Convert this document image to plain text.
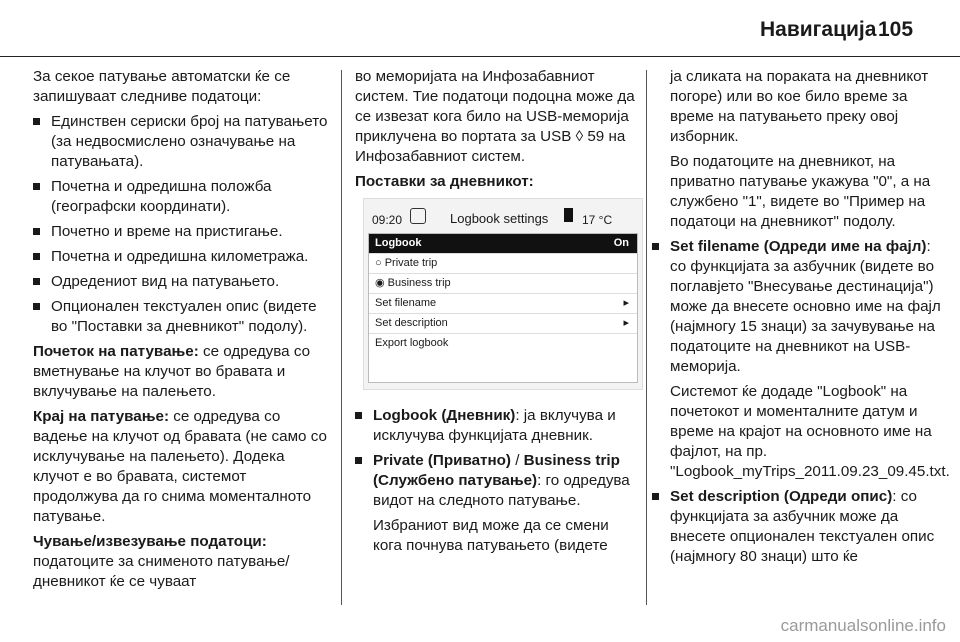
Навигација 105

За секое патување автоматски ќе се запишуваат следниве податоци:

Единствен сериски број на патувањето (за недвосмислено означување на патувањата).
Почетна и одредишна положба (географски координати).
Почетно и време на пристигање.
Почетна и одредишна километража.
Одредениот вид на патувањето.
Опционален текстуален опис (видете во "Поставки за дневникот" подолу).

Почеток на патување: се одредува со вметнување на клучот во бравата и вклучување на палењето.

Крај на патување: се одредува со вадење на клучот од бравата (не само со исклучување на палењето). Додека клучот е во бравата, системот продолжува да го снима моменталното патување.

Чување/извезување податоци: податоците за снименото патување/дневникот ќе се чуваат

во меморијата на Инфозабавниот систем. Тие податоци подоцна може да се извезат кога било на USB-меморија приклучена во портата за USB ◊ 59 на Инфозабавниот систем.

Поставки за дневникот:

09:20	Logbook settings	17 °C
Logbook	On
○ Private trip
◉ Business trip
Set filename	▸
Set description	▸
Export logbook
Logbook (Дневник): ја вклучува и исклучува функцијата дневник.
Private (Приватно) / Business trip (Службено патување): го одредува видот на следното патување.

Избраниот вид може да се смени кога почнува патувањето (видете

ја сликата на пораката на дневникот погоре) или во кое било време за време на патувањето преку овој изборник.

Во податоците на дневникот, на приватно патување укажува "0", а на службено "1", видете во "Пример на податоци на дневникот" подолу.

Set filename (Одреди име на фајл): со функцијата за азбучник (видете во поглавјето "Внесување дестинација") може да внесете основно име на фајл (најмногу 15 знаци) за зачувување на податоците на дневникот на USB-меморија.

Системот ќе додаде "Logbook" на почетокот и моменталните датум и време на крајот на основното име на фајлот, на пр. "Logbook_myTrips_2011.09.23_09.45.txt.

Set description (Одреди опис): со функцијата за азбучник може да внесете опционален текстуален опис (најмногу 80 знаци) што ќе
carmanualsonline.info
